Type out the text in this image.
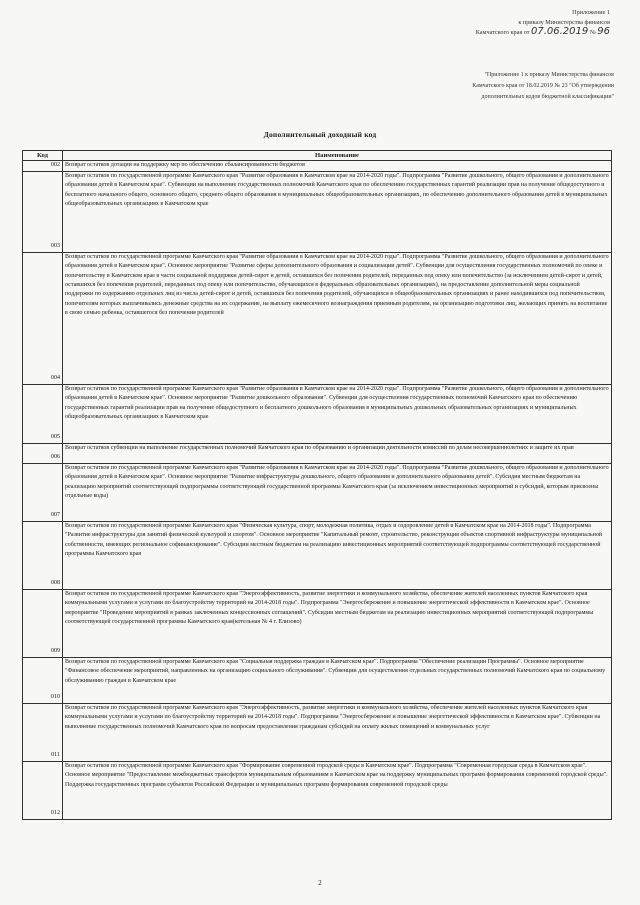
Приложение 1
к приказу Министерства финансов
Камчатского края от 07.06.2019 № 96
"Приложение 1 к приказу Министерства финансов
Камчатского края от 18.02.2019 № 23 "Об утверждении
дополнительных кодов бюджетной классификации"
Дополнительный доходный код
Код	Наименование
002	Возврат остатков дотации на поддержку мер по обеспечению сбалансированности бюджетов
003	Возврат остатков по государственной программе Камчатского края "Развитие образования в Камчатском крае на 2014-2020 годы". Подпрограмма "Развитие дошкольного, общего образования и дополнительного образования детей в Камчатском крае". Субвенции на выполнение государственных полномочий Камчатского края по обеспечению государственных гарантий реализации прав на получение общедоступного и бесплатного начального общего, основного общего, среднего общего образования в муниципальных общеобразовательных организациях, по обеспечению дополнительного образования детей в муниципальных общеобразовательных организациях в Камчатском крае
004	Возврат остатков по государственной программе Камчатского края "Развитие образования в Камчатском крае на 2014-2020 годы". Подпрограмма "Развитие дошкольного, общего образования и дополнительного образования детей в Камчатском крае". Основное мероприятие "Развитие сферы дополнительного образования и социализации детей". Субвенции для осуществления государственных полномочий по опеке и попечительству в Камчатском крае в части социальной поддержки детей-сирот и детей, оставшихся без попечения родителей, переданных под опеку или попечительство (за исключением детей-сирот и детей, оставшихся без попечения родителей, переданных под опеку или попечительство, обучающихся в федеральных образовательных организациях), на предоставление дополнительной меры социальной поддержки по содержанию отдельных лиц из числа детей-сирот и детей, оставшихся без попечения родителей, обучающихся в общеобразовательных организациях и ранее находившихся под попечительством, попечителям которых выплачивались денежные средства на их содержание, на выплату ежемесячного вознаграждения приемным родителям, на организацию подготовки лиц, желающих принять на воспитание в свою семью ребенка, оставшегося без попечения родителей
005	Возврат остатков по государственной программе Камчатского края "Развитие образования в Камчатском крае на 2014-2020 годы". Подпрограмма "Развитие дошкольного, общего образования и дополнительного образования детей в Камчатском крае". Основное мероприятие "Развитие дошкольного образования". Субвенции для осуществления государственных полномочий Камчатского края по обеспечению государственных гарантий реализации прав на получение общедоступного и бесплатного дошкольного образования в муниципальных дошкольных образовательных организациях и муниципальных общеобразовательных организациях в Камчатском крае
006	Возврат остатков субвенции на выполнение государственных полномочий Камчатского края по образованию и организации деятельности комиссий по делам несовершеннолетних и защите их прав
007	Возврат остатков по государственной программе Камчатского края "Развитие образования в Камчатском крае на 2014-2020 годы". Подпрограмма "Развитие дошкольного, общего образования и дополнительного образования детей в Камчатском крае". Основное мероприятие "Развитие инфраструктуры дошкольного, общего образования и дополнительного образования детей". Субсидия местным бюджетам на реализацию мероприятий соответствующей подпрограммы соответствующей государственной программы Камчатского края (за исключением инвестиционных мероприятий и субсидий, которым присвоены отдельные коды)
008	Возврат остатков по государственной программе Камчатского края "Физическая культура, спорт, молодежная политика, отдых и оздоровление детей в Камчатском крае на 2014-2018 годы". Подпрограмма "Развитие инфраструктуры для занятий физической культурой и спортом". Основное мероприятие "Капитальный ремонт, строительство, реконструкция объектов спортивной инфраструктуры муниципальной собственности, имеющих региональное софинансирование". Субсидии местным бюджетам на реализацию инвестиционных мероприятий соответствующей подпрограммы соответствующей государственной программы Камчатского края
009	Возврат остатков по государственной программе Камчатского края "Энергоэффективность, развитие энергетики и коммунального хозяйства, обеспечение жителей населенных пунктов Камчатского края коммунальными услугами и услугами по благоустройству территорий на 2014-2018 годы". Подпрограмма "Энергосбережение и повышение энергетической эффективности в Камчатском крае". Основное мероприятие "Проведение мероприятий в рамках заключенных концессионных соглашений". Субсидии местным бюджетам на реализацию инвестиционных мероприятий соответствующей подпрограммы соответствующей государственной программы Камчатского края(котельная № 4 г. Елизово)
010	Возврат остатков по государственной программе Камчатского края "Социальная поддержка граждан в Камчатском крае". Подпрограмма "Обеспечение реализации Программы". Основное мероприятие "Финансовое обеспечение мероприятий, направленных на организацию социального обслуживания". Субвенции для осуществления отдельных государственных полномочий Камчатского края по социальному обслуживанию граждан в Камчатском крае
011	Возврат остатков по государственной программе Камчатского края "Энергоэффективность, развитие энергетики и коммунального хозяйства, обеспечение жителей населенных пунктов Камчатского края коммунальными услугами и услугами по благоустройству территорий на 2014-2018 годы". Подпрограмма "Энергосбережение и повышение энергетической эффективности в Камчатском крае". Субвенции на выполнение государственных полномочий Камчатского края по вопросам предоставления гражданам субсидий на оплату жилых помещений и коммунальных услуг
012	Возврат остатков по государственной программе Камчатского края "Формирование современной городской среды в Камчатском крае". Подпрограмма "Современная городская среда в Камчатском крае". Основное мероприятие "Предоставление межбюджетных трансфертов муниципальным образованиям в Камчатском крае на поддержку муниципальных программ формирования современной городской среды". Поддержка государственных программ субъектов Российской Федерации и муниципальных программ формирования современной городской среды
2
